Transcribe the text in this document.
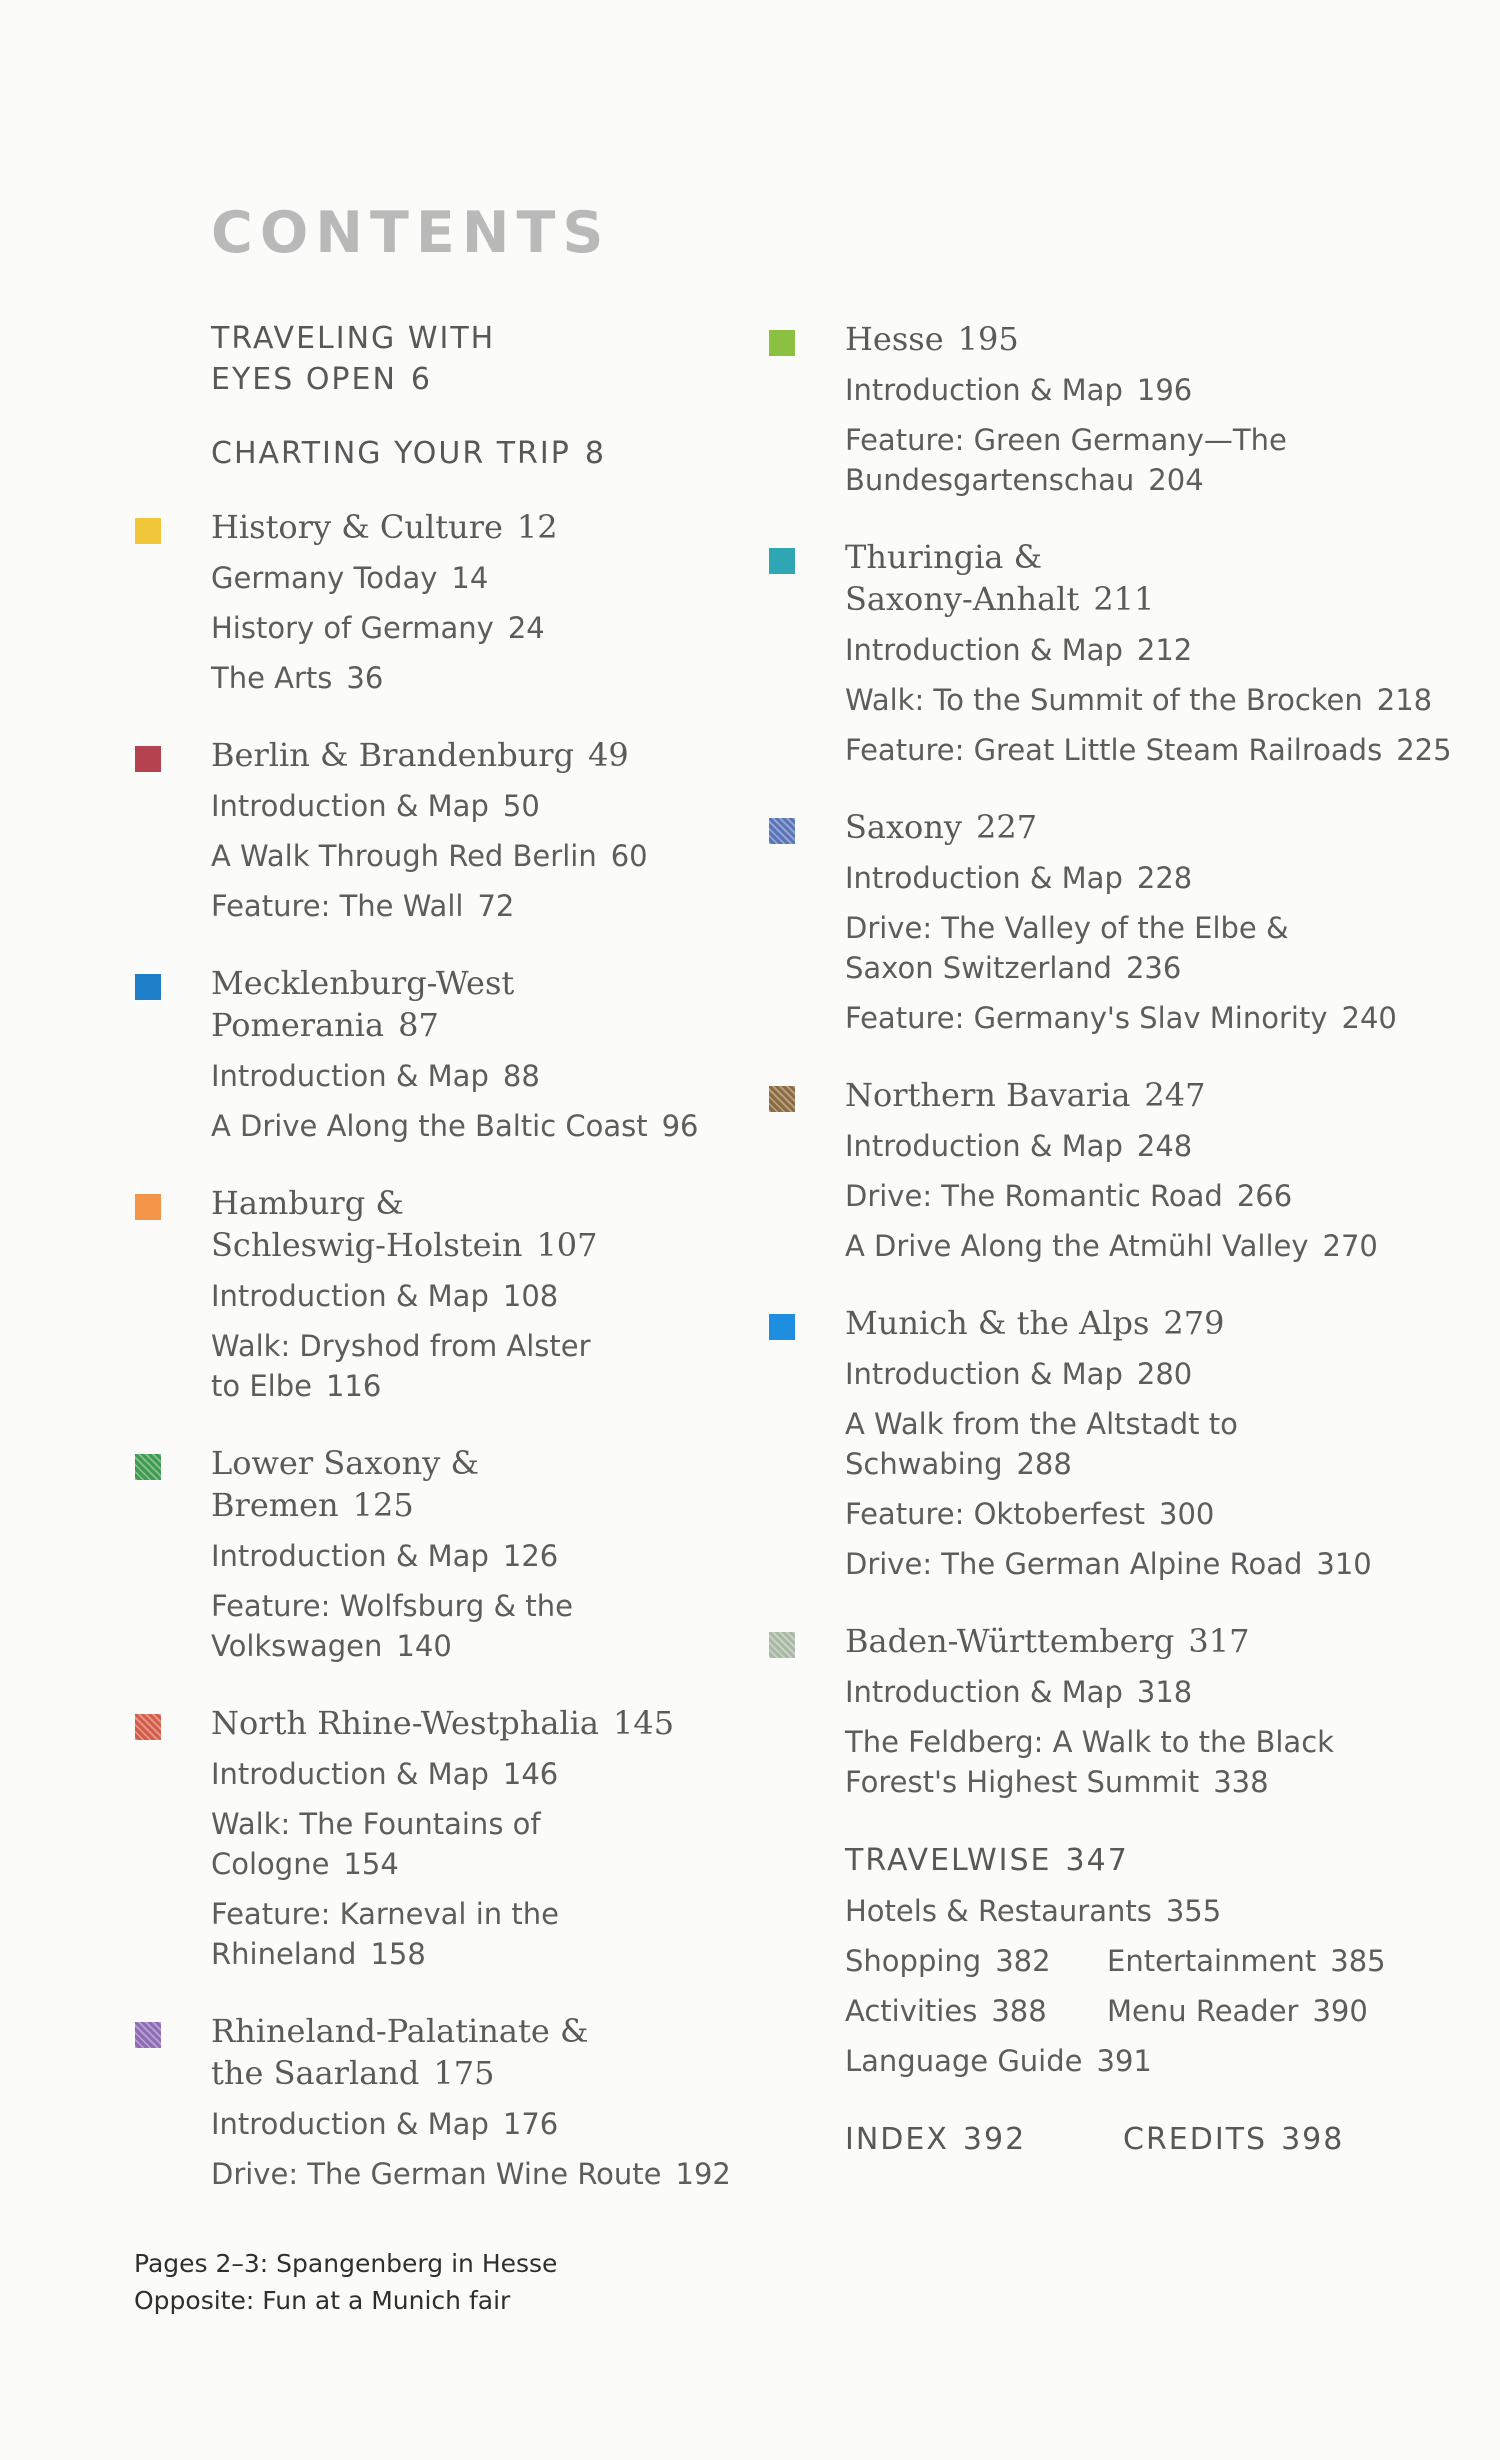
CONTENTS
TRAVELING WITH
EYES OPEN 6
CHARTING YOUR TRIP 8
History & Culture 12
Germany Today 14
History of Germany 24
The Arts 36
Berlin & Brandenburg 49
Introduction & Map 50
A Walk Through Red Berlin 60
Feature: The Wall 72
Mecklenburg-West
Pomerania 87
Introduction & Map 88
A Drive Along the Baltic Coast 96
Hamburg &
Schleswig-Holstein 107
Introduction & Map 108
Walk: Dryshod from Alster
to Elbe 116
Lower Saxony &
Bremen 125
Introduction & Map 126
Feature: Wolfsburg & the
Volkswagen 140
North Rhine-Westphalia 145
Introduction & Map 146
Walk: The Fountains of Cologne 154
Feature: Karneval in the
Rhineland 158
Rhineland-Palatinate &
the Saarland 175
Introduction & Map 176
Drive: The German Wine Route 192
Hesse 195
Introduction & Map 196
Feature: Green Germany—The
Bundesgartenschau 204
Thuringia &
Saxony-Anhalt 211
Introduction & Map 212
Walk: To the Summit of the Brocken 218
Feature: Great Little Steam Railroads 225
Saxony 227
Introduction & Map 228
Drive: The Valley of the Elbe &
Saxon Switzerland 236
Feature: Germany's Slav Minority 240
Northern Bavaria 247
Introduction & Map 248
Drive: The Romantic Road 266
A Drive Along the Atmühl Valley 270
Munich & the Alps 279
Introduction & Map 280
A Walk from the Altstadt to Schwabing 288
Feature: Oktoberfest 300
Drive: The German Alpine Road 310
Baden-Württemberg 317
Introduction & Map 318
The Feldberg: A Walk to the Black
Forest's Highest Summit 338
TRAVELWISE 347
Hotels & Restaurants 355
Shopping 382	Entertainment 385
Activities 388	Menu Reader 390
Language Guide 391
INDEX 392	CREDITS 398
Pages 2–3: Spangenberg in Hesse
Opposite: Fun at a Munich fair
